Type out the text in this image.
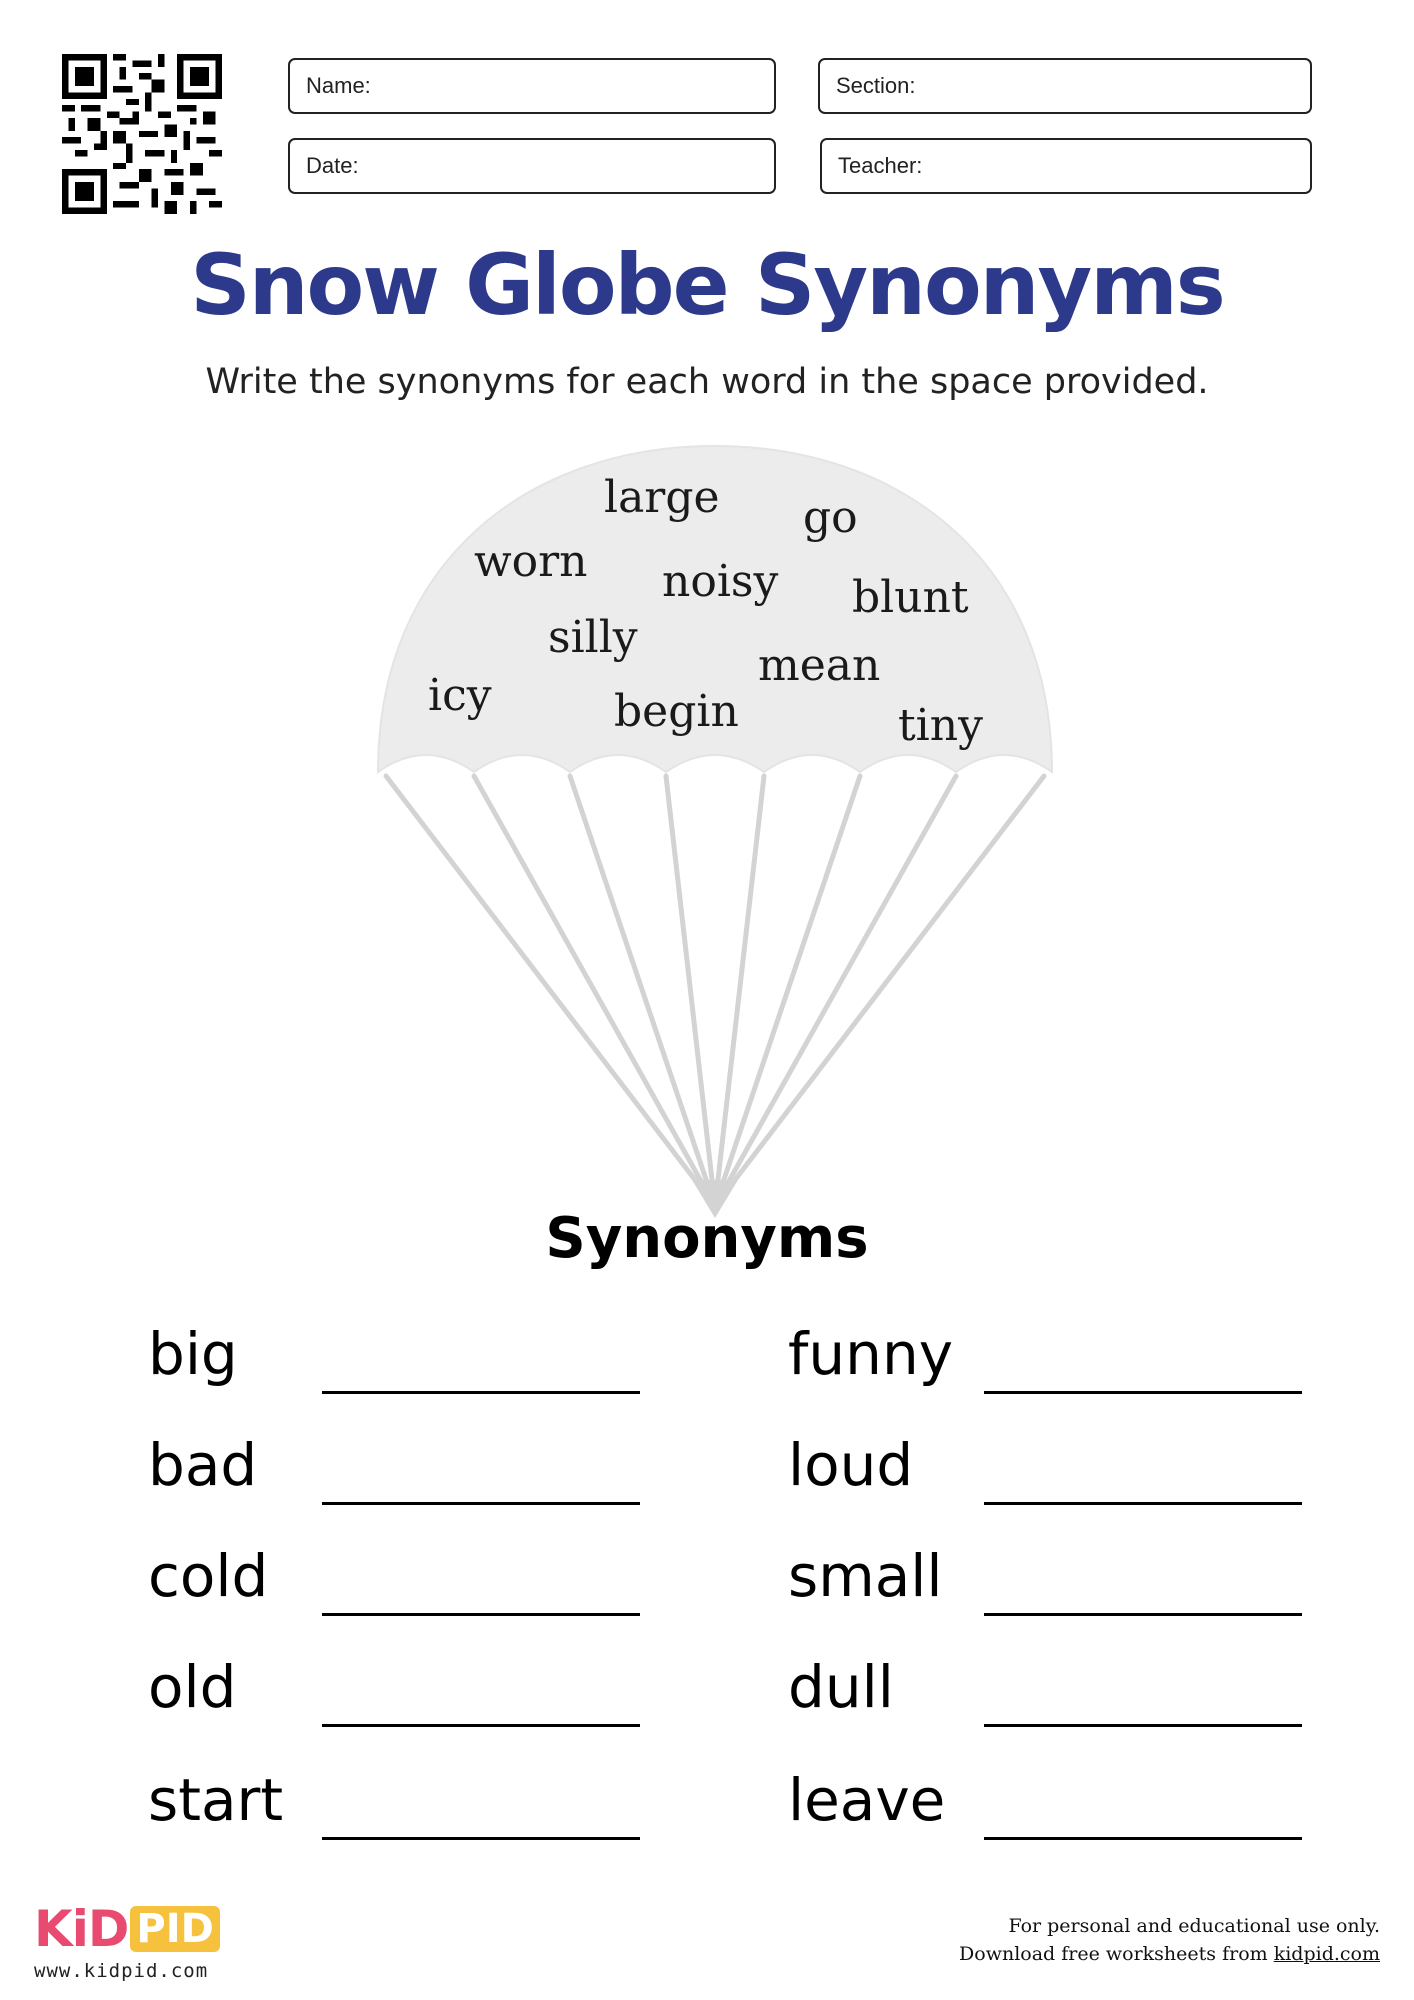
Name:	Section:
Date:	Teacher:
Snow Globe Synonyms
Write the synonyms for each word in the space provided.
large go
worn noisy blunt
silly
mean
icy	begin	tiny
Synonyms
big
bad
cold
old
start
funny
loud
small
dull
leave
KiD PID
www.kidpid.com
For personal and educational use only.
Download free worksheets from kidpid.com
